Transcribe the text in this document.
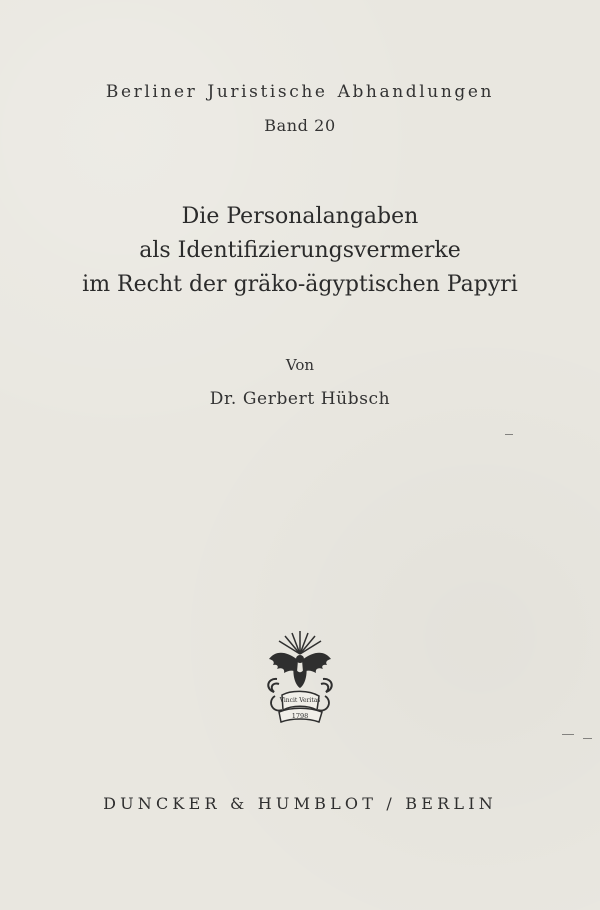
Berliner Juristische Abhandlungen
Band 20
Die Personalangaben
als Identifizierungsvermerke
im Recht der gräko-ägyptischen Papyri
Von
Dr. Gerbert Hübsch
Vincit Veritas
1798
DUNCKER & HUMBLOT / BERLIN
